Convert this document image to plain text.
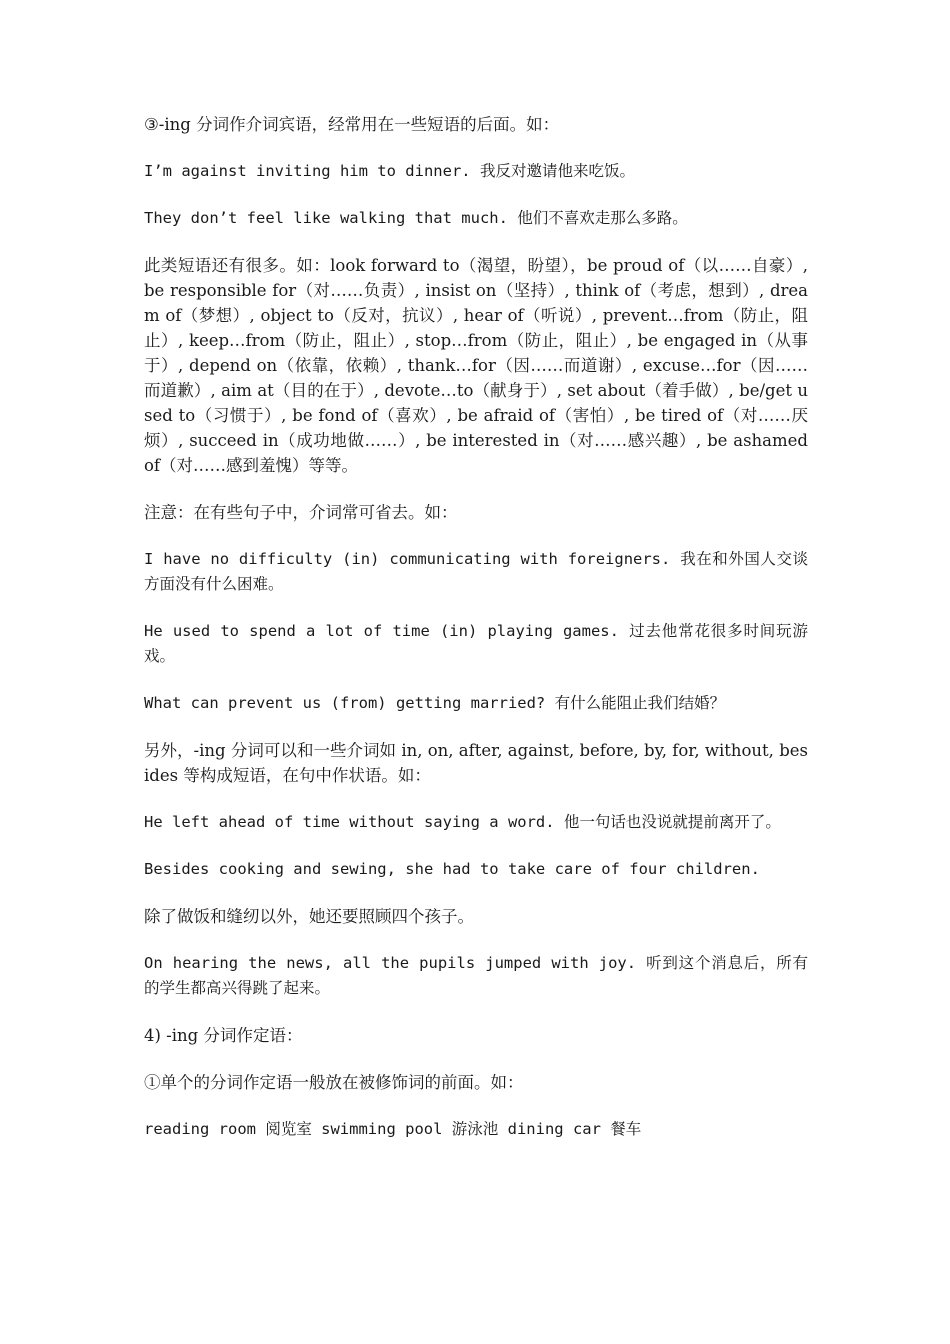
③-ing 分词作介词宾语，经常用在一些短语的后面。如：

I’m against inviting him to dinner. 我反对邀请他来吃饭。

They don’t feel like walking that much. 他们不喜欢走那么多路。

此类短语还有很多。如：look forward to（渴望，盼望），be proud of（以……自豪）, be responsible for（对……负责）, insist on（坚持）, think of（考虑，想到）, dream of（梦想）, object to（反对，抗议）, hear of（听说）, prevent…from（防止，阻止）, keep…from（防止，阻止）, stop…from（防止，阻止）, be engaged in（从事于）, depend on（依靠，依赖）, thank…for（因……而道谢）, excuse…for（因……而道歉）, aim at（目的在于）, devote…to（献身于）, set about（着手做）, be/get used to（习惯于）, be fond of（喜欢）, be afraid of（害怕）, be tired of（对……厌烦）, succeed in（成功地做……）, be interested in（对……感兴趣）, be ashamed of（对……感到羞愧）等等。

注意：在有些句子中，介词常可省去。如：

I have no difficulty (in) communicating with foreigners. 我在和外国人交谈方面没有什么困难。

He used to spend a lot of time (in) playing games. 过去他常花很多时间玩游戏。

What can prevent us (from) getting married? 有什么能阻止我们结婚？

另外，-ing 分词可以和一些介词如 in, on, after, against, before, by, for, without, besides 等构成短语，在句中作状语。如：

He left ahead of time without saying a word. 他一句话也没说就提前离开了。

Besides cooking and sewing, she had to take care of four children.

除了做饭和缝纫以外，她还要照顾四个孩子。

On hearing the news, all the pupils jumped with joy. 听到这个消息后，所有的学生都高兴得跳了起来。

4) -ing 分词作定语：

①单个的分词作定语一般放在被修饰词的前面。如：

reading room 阅览室 swimming pool 游泳池 dining car 餐车
